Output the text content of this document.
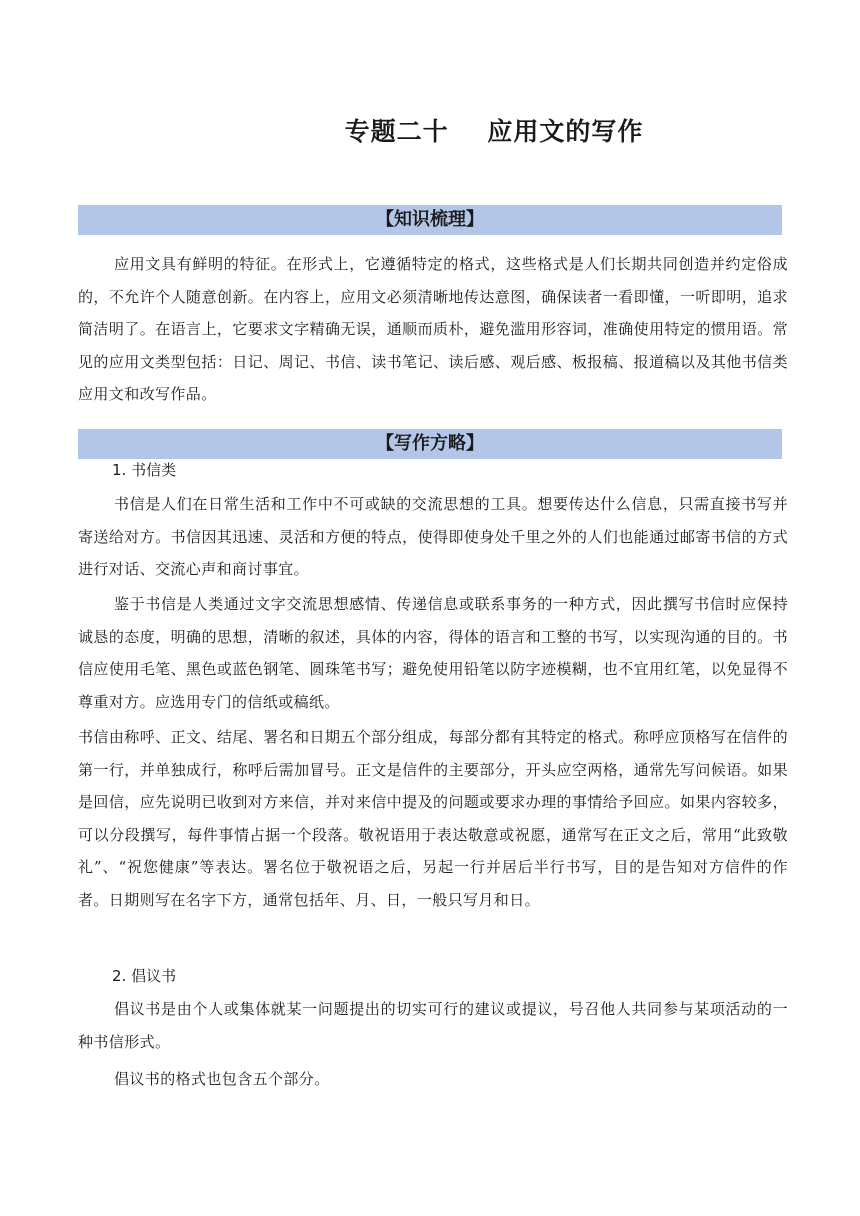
专题二十    应用文的写作
【知识梳理】

应用文具有鲜明的特征。在形式上，它遵循特定的格式，这些格式是人们长期共同创造并约定俗成的，不允许个人随意创新。在内容上，应用文必须清晰地传达意图，确保读者一看即懂，一听即明，追求简洁明了。在语言上，它要求文字精确无误，通顺而质朴，避免滥用形容词，准确使用特定的惯用语。常见的应用文类型包括：日记、周记、书信、读书笔记、读后感、观后感、板报稿、报道稿以及其他书信类应用文和改写作品。

【写作方略】

1. 书信类

书信是人们在日常生活和工作中不可或缺的交流思想的工具。想要传达什么信息，只需直接书写并寄送给对方。书信因其迅速、灵活和方便的特点，使得即使身处千里之外的人们也能通过邮寄书信的方式进行对话、交流心声和商讨事宜。

鉴于书信是人类通过文字交流思想感情、传递信息或联系事务的一种方式，因此撰写书信时应保持诚恳的态度，明确的思想，清晰的叙述，具体的内容，得体的语言和工整的书写，以实现沟通的目的。书信应使用毛笔、黑色或蓝色钢笔、圆珠笔书写；避免使用铅笔以防字迹模糊，也不宜用红笔，以免显得不尊重对方。应选用专门的信纸或稿纸。

书信由称呼、正文、结尾、署名和日期五个部分组成，每部分都有其特定的格式。称呼应顶格写在信件的第一行，并单独成行，称呼后需加冒号。正文是信件的主要部分，开头应空两格，通常先写问候语。如果是回信，应先说明已收到对方来信，并对来信中提及的问题或要求办理的事情给予回应。如果内容较多，可以分段撰写，每件事情占据一个段落。敬祝语用于表达敬意或祝愿，通常写在正文之后，常用“此致敬礼”、“祝您健康”等表达。署名位于敬祝语之后，另起一行并居后半行书写，目的是告知对方信件的作者。日期则写在名字下方，通常包括年、月、日，一般只写月和日。

2. 倡议书

倡议书是由个人或集体就某一问题提出的切实可行的建议或提议，号召他人共同参与某项活动的一种书信形式。

倡议书的格式也包含五个部分。
